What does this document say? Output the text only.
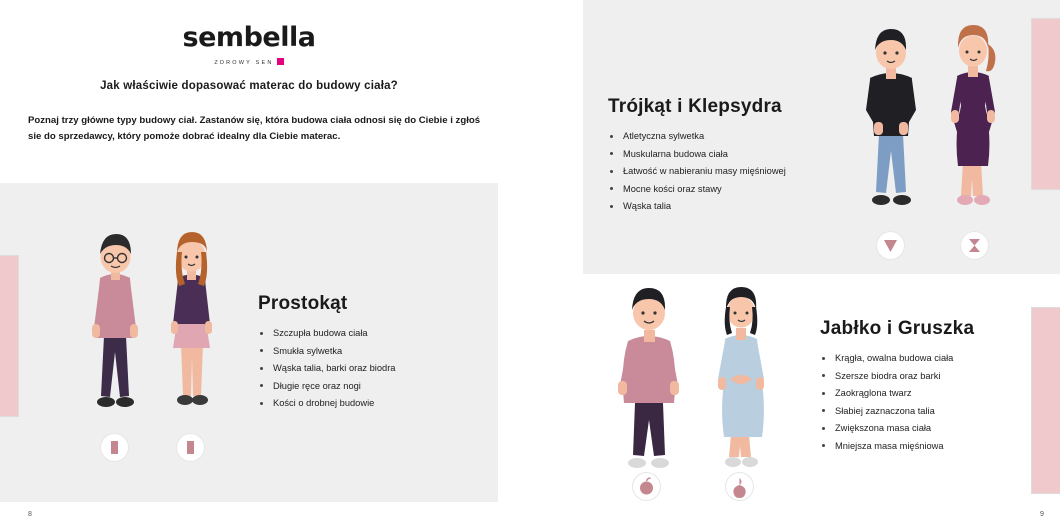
sembella
ZDROWY SEN
Jak właściwie dopasować materac do budowy ciała?
Poznaj trzy główne typy budowy ciał. Zastanów się, która budowa ciała odnosi się do Ciebie i zgłoś sie do sprzedawcy, który pomoże dobrać idealny dla Ciebie materac.
Prostokąt
Szczupła budowa ciała
Smukła sylwetka
Wąska talia, barki oraz biodra
Długie ręce oraz nogi
Kości o drobnej budowie
8
Trójkąt i Klepsydra
Atletyczna sylwetka
Muskularna budowa ciała
Łatwość w nabieraniu masy mięśniowej
Mocne kości oraz stawy
Wąska talia
Jabłko i Gruszka
Krągła, owalna budowa ciała
Szersze biodra oraz barki
Zaokrąglona twarz
Słabiej zaznaczona talia
Zwiększona masa ciała
Mniejsza masa mięśniowa
9
